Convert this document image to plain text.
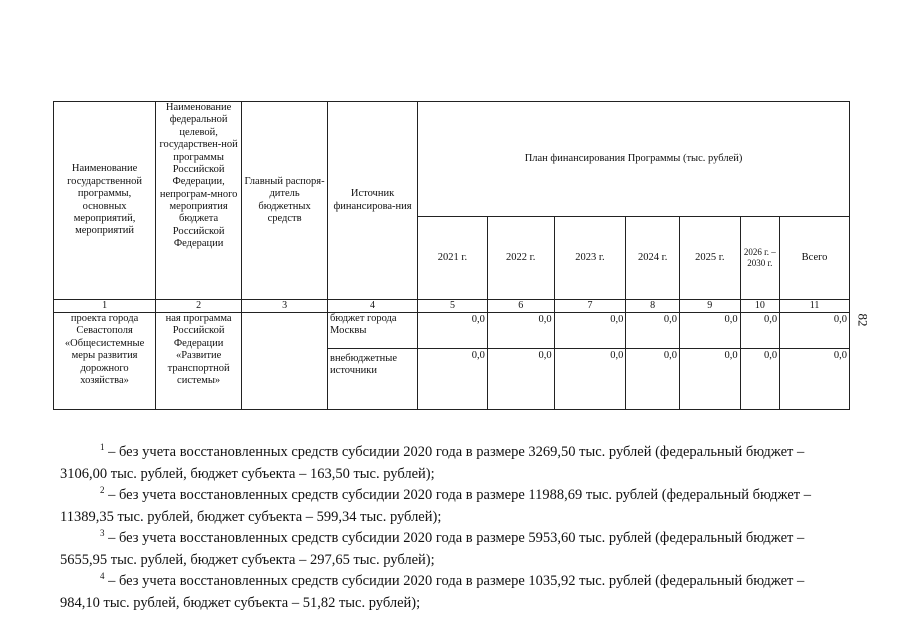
Наименование государственной программы, основных мероприятий, мероприятий	Наименование федеральной целевой, государствен-ной программы Российской Федерации, непрограм-много мероприятия бюджета Российской Федерации	Главный распоря-дитель бюджетных средств	Источник финансирова-ния	План финансирования Программы (тыс. рублей)						
				2021 г.	2022 г.	2023 г.	2024 г.	2025 г.	2026 г. – 2030 г.	Всего
1	2	3	4	5	6	7	8	9	10	11
проекта города Севастополя «Общесистемные меры развития дорожного хозяйства»	ная программа Российской Федерации «Развитие транспортной системы»		бюджет города Москвы	0,0	0,0	0,0	0,0	0,0	0,0	0,0
			внебюджетные источники	0,0	0,0	0,0	0,0	0,0	0,0	0,0
82

$^1$ – без учета восстановленных средств субсидии 2020 года в размере 3269,50 тыс. рублей (федеральный бюджет –

3106,00 тыс. рублей, бюджет субъекта – 163,50 тыс. рублей);

$^2$ – без учета восстановленных средств субсидии 2020 года в размере 11988,69 тыс. рублей (федеральный бюджет –

11389,35 тыс. рублей, бюджет субъекта – 599,34 тыс. рублей);

$^3$ – без учета восстановленных средств субсидии 2020 года в размере 5953,60 тыс. рублей (федеральный бюджет –

5655,95 тыс. рублей, бюджет субъекта – 297,65 тыс. рублей);

$^4$ – без учета восстановленных средств субсидии 2020 года в размере 1035,92 тыс. рублей (федеральный бюджет –

984,10 тыс. рублей, бюджет субъекта – 51,82 тыс. рублей);
